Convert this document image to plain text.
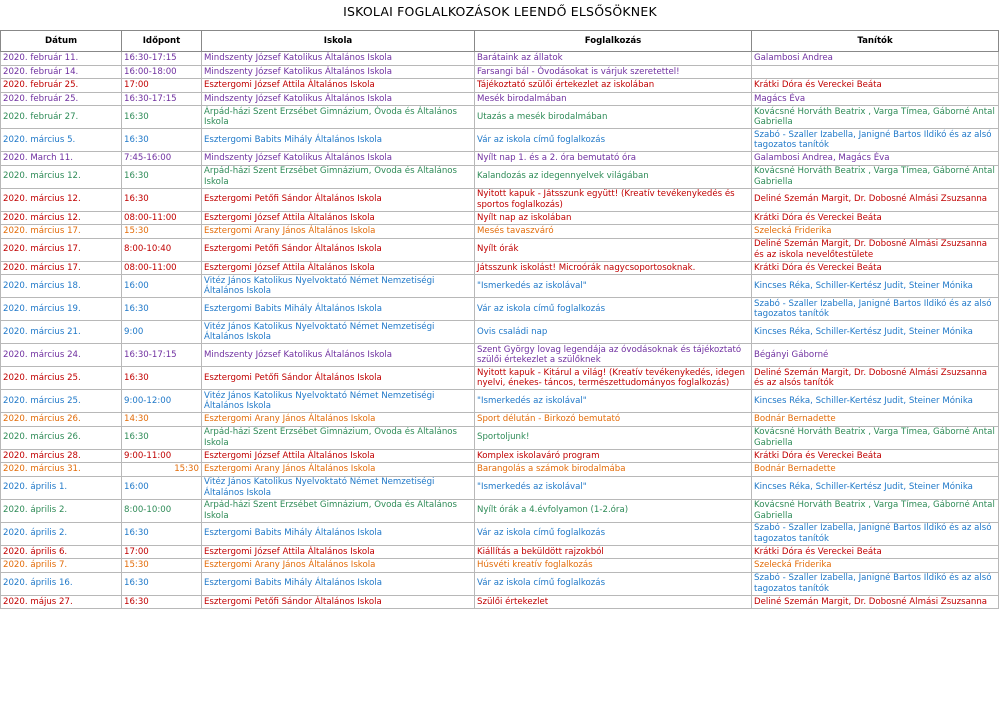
ISKOLAI FOGLALKOZÁSOK LEENDŐ ELSŐSÖKNEK
Dátum	Időpont	Iskola	Foglalkozás	Tanítók
2020. február 11.	16:30-17:15	Mindszenty József Katolikus Általános Iskola	Barátaink az állatok	Galambosi Andrea
2020. február 14.	16:00-18:00	Mindszenty József Katolikus Általános Iskola	Farsangi bál - Óvodásokat is várjuk szeretettel!	
2020. február 25.	17:00	Esztergomi József Attila Általános Iskola	Tájékoztató szülői értekezlet az iskolában	Krátki Dóra és Vereckei Beáta
2020. február 25.	16:30-17:15	Mindszenty József Katolikus Általános Iskola	Mesék birodalmában	Magács Éva
2020. február 27.	16:30	Árpád-házi Szent Erzsébet Gimnázium, Óvoda és Általános Iskola	Utazás a mesék birodalmában	Kovácsné Horváth Beatrix , Varga Tímea, Gáborné Antal Gabriella
2020. március 5.	16:30	Esztergomi Babits Mihály Általános Iskola	Vár az iskola című foglalkozás	Szabó - Szaller Izabella, Janigné Bartos Ildikó és az alsó tagozatos tanítók
2020. March 11.	7:45-16:00	Mindszenty József Katolikus Általános Iskola	Nyílt nap 1. és a 2. óra bemutató óra	Galambosi Andrea, Magács Éva
2020. március 12.	16:30	Árpád-házi Szent Erzsébet Gimnázium, Óvoda és Általános Iskola	Kalandozás az idegennyelvek világában	Kovácsné Horváth Beatrix , Varga Tímea, Gáborné Antal Gabriella
2020. március 12.	16:30	Esztergomi Petőfi Sándor Általános Iskola	Nyitott kapuk - Játsszunk együtt! (Kreatív tevékenykedés és sportos foglalkozás)	Deliné Szemán Margit, Dr. Dobosné Almási Zsuzsanna
2020. március 12.	08:00-11:00	Esztergomi József Attila Általános Iskola	Nyílt nap az iskolában	Krátki Dóra és Vereckei Beáta
2020. március 17.	15:30	Esztergomi Arany János Általános Iskola	Mesés tavaszváró	Szelecká Friderika
2020. március 17.	8:00-10:40	Esztergomi Petőfi Sándor Általános Iskola	Nyílt órák	Deliné Szemán Margit, Dr. Dobosné Almási Zsuzsanna és az iskola nevelőtestülete
2020. március 17.	08:00-11:00	Esztergomi József Attila Általános Iskola	Játsszunk iskolást! Microórák nagycsoportosoknak.	Krátki Dóra és Vereckei Beáta
2020. március 18.	16:00	Vitéz János Katolikus Nyelvoktató Német Nemzetiségi Általános Iskola	"Ismerkedés az iskolával"	Kincses Réka, Schiller-Kertész Judit, Steiner Mónika
2020. március 19.	16:30	Esztergomi Babits Mihály Általános Iskola	Vár az iskola című foglalkozás	Szabó - Szaller Izabella, Janigné Bartos Ildikó és az alsó tagozatos tanítók
2020. március 21.	9:00	Vitéz János Katolikus Nyelvoktató Német Nemzetiségi Általános Iskola	Ovis családi nap	Kincses Réka, Schiller-Kertész Judit, Steiner Mónika
2020. március 24.	16:30-17:15	Mindszenty József Katolikus Általános Iskola	Szent György lovag legendája az óvodásoknak és tájékoztató szülői értekezlet a szülőknek	Bégányi Gáborné
2020. március 25.	16:30	Esztergomi Petőfi Sándor Általános Iskola	Nyitott kapuk - Kitárul a világ! (Kreatív tevékenykedés, idegen nyelvi, énekes- táncos, természettudományos foglalkozás)	Deliné Szemán Margit, Dr. Dobosné Almási Zsuzsanna és az alsós tanítók
2020. március 25.	9:00-12:00	Vitéz János Katolikus Nyelvoktató Német Nemzetiségi Általános Iskola	"Ismerkedés az iskolával"	Kincses Réka, Schiller-Kertész Judit, Steiner Mónika
2020. március 26.	14:30	Esztergomi Arany János Általános Iskola	Sport délután - Birkozó bemutató	Bodnár Bernadette
2020. március 26.	16:30	Árpád-házi Szent Erzsébet Gimnázium, Óvoda és Általános Iskola	Sportoljunk!	Kovácsné Horváth Beatrix , Varga Tímea, Gáborné Antal Gabriella
2020. március 28.	9:00-11:00	Esztergomi József Attila Általános Iskola	Komplex iskolaváró program	Krátki Dóra és Vereckei Beáta
2020. március 31.	15:30	Esztergomi Arany János Általános Iskola	Barangolás a számok birodalmába	Bodnár Bernadette
2020. április 1.	16:00	Vitéz János Katolikus Nyelvoktató Német Nemzetiségi Általános Iskola	"Ismerkedés az iskolával"	Kincses Réka, Schiller-Kertész Judit, Steiner Mónika
2020. április 2.	8:00-10:00	Árpád-házi Szent Erzsébet Gimnázium, Óvoda és Általános Iskola	Nyílt órák a 4.évfolyamon (1-2.óra)	Kovácsné Horváth Beatrix , Varga Tímea, Gáborné Antal Gabriella
2020. április 2.	16:30	Esztergomi Babits Mihály Általános Iskola	Vár az iskola című foglalkozás	Szabó - Szaller Izabella, Janigné Bartos Ildikó és az alsó tagozatos tanítók
2020. április 6.	17:00	Esztergomi József Attila Általános Iskola	Kiállítás a beküldött rajzokból	Krátki Dóra és Vereckei Beáta
2020. április 7.	15:30	Esztergomi Arany János Általános Iskola	Húsvéti kreatív foglalkozás	Szelecká Friderika
2020. április 16.	16:30	Esztergomi Babits Mihály Általános Iskola	Vár az iskola című foglalkozás	Szabó - Szaller Izabella, Janigné Bartos Ildikó és az alsó tagozatos tanítók
2020. május 27.	16:30	Esztergomi Petőfi Sándor Általános Iskola	Szülői értekezlet	Deliné Szemán Margit, Dr. Dobosné Almási Zsuzsanna
